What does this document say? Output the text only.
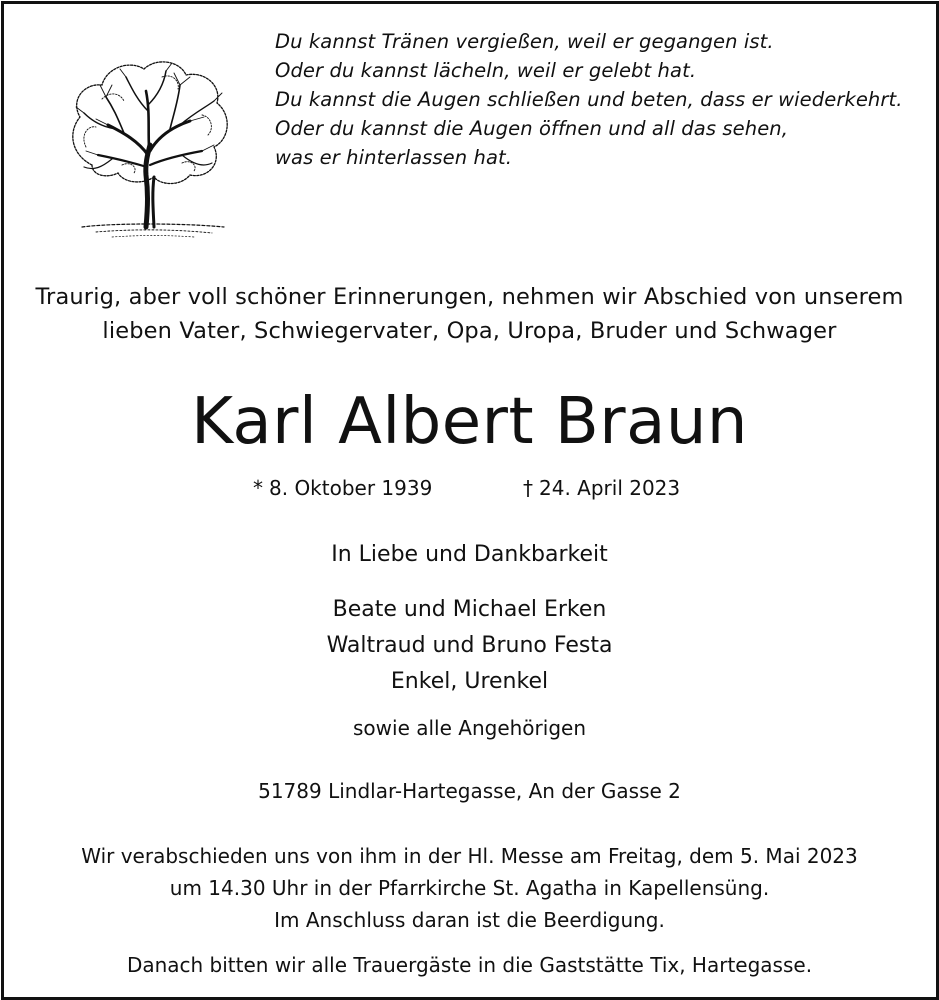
Du kannst Tränen vergießen, weil er gegangen ist.
Oder du kannst lächeln, weil er gelebt hat.
Du kannst die Augen schließen und beten, dass er wiederkehrt.
Oder du kannst die Augen öffnen und all das sehen,
was er hinterlassen hat.
Traurig, aber voll schöner Erinnerungen, nehmen wir Abschied von unserem
lieben Vater, Schwiegervater, Opa, Uropa, Bruder und Schwager
Karl Albert Braun
* 8. Oktober 1939	† 24. April 2023
In Liebe und Dankbarkeit
Beate und Michael Erken
Waltraud und Bruno Festa
Enkel, Urenkel
sowie alle Angehörigen
51789 Lindlar-Hartegasse, An der Gasse 2
Wir verabschieden uns von ihm in der Hl. Messe am Freitag, dem 5. Mai 2023
um 14.30 Uhr in der Pfarrkirche St. Agatha in Kapellensüng.
Im Anschluss daran ist die Beerdigung.
Danach bitten wir alle Trauergäste in die Gaststätte Tix, Hartegasse.
